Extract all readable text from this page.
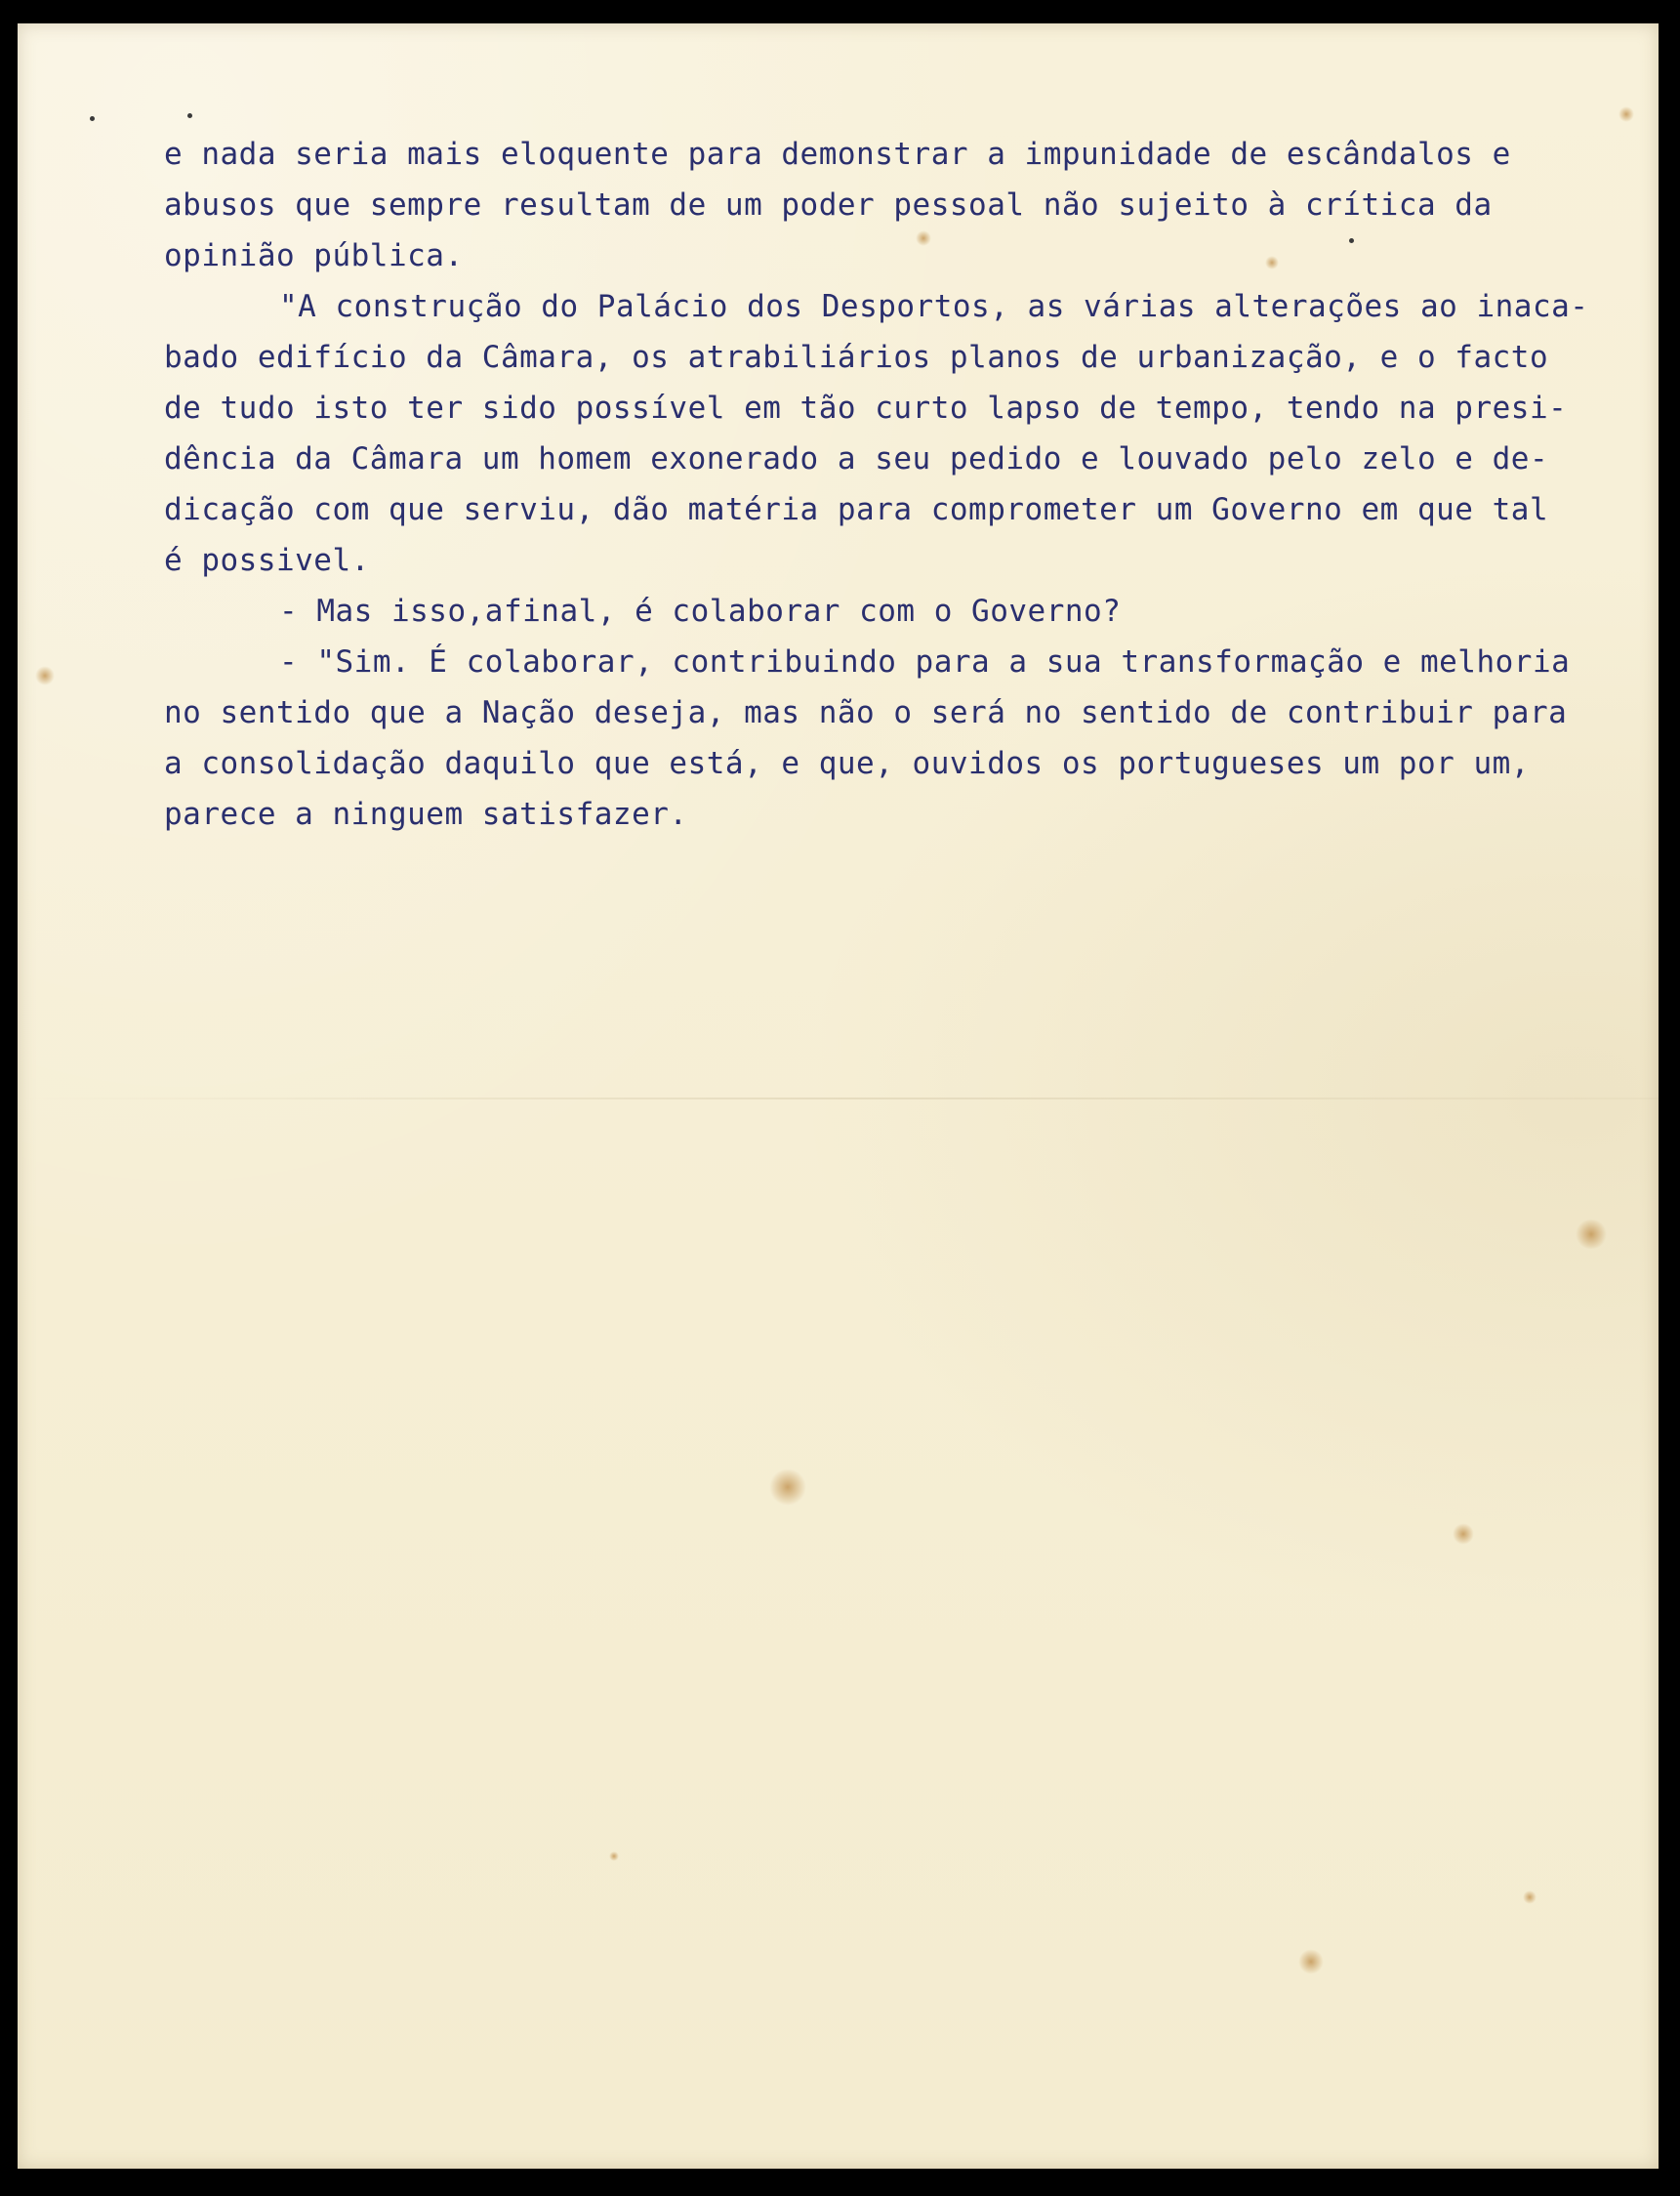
e nada seria mais eloquente para demonstrar a impunidade de escândalos e
abusos que sempre resultam de um poder pessoal não sujeito à crítica da
opinião pública.
"A construção do Palácio dos Desportos, as várias alterações ao inaca-
bado edifício da Câmara, os atrabiliários planos de urbanização, e o facto
de tudo isto ter sido possível em tão curto lapso de tempo, tendo na presi-
dência da Câmara um homem exonerado a seu pedido e louvado pelo zelo e de-
dicação com que serviu, dão matéria para comprometer um Governo em que tal
é possivel.
- Mas isso,afinal, é colaborar com o Governo?
- "Sim. É colaborar, contribuindo para a sua transformação e melhoria
no sentido que a Nação deseja, mas não o será no sentido de contribuir para
a consolidação daquilo que está, e que, ouvidos os portugueses um por um,
parece a ninguem satisfazer.
